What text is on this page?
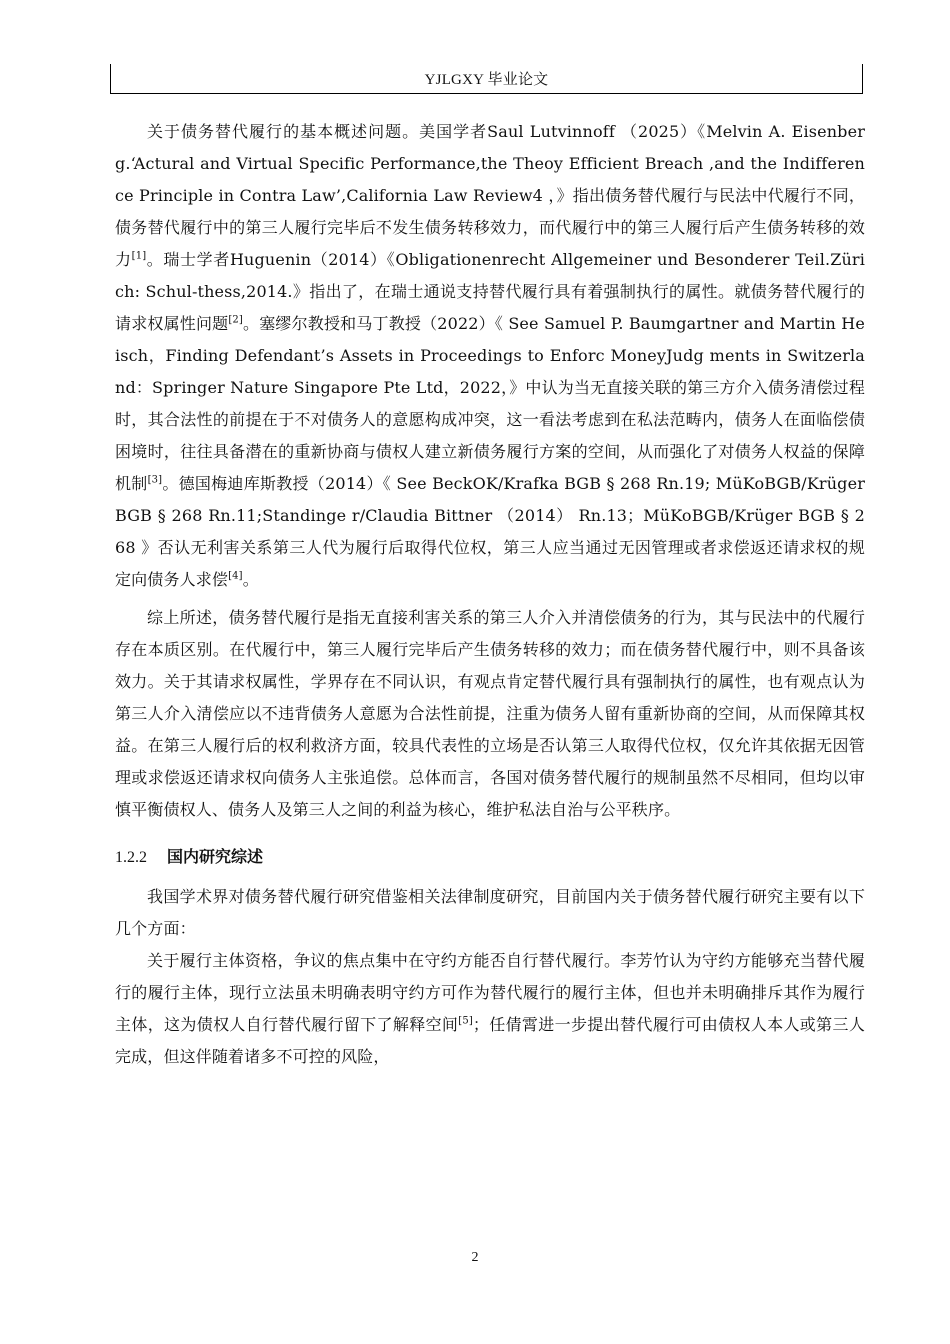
YJLGXY 毕业论文

关于债务替代履行的基本概述问题。美国学者Saul Lutvinnoff （2025）《Melvin A. Eisenberg.‘Actural and Virtual Specific Performance,the Theoy Efficient Breach ,and the Indifference Principle in Contra Law’,California Law Review4 ，》指出债务替代履行与民法中代履行不同，债务替代履行中的第三人履行完毕后不发生债务转移效力，而代履行中的第三人履行后产生债务转移的效力[1]。瑞士学者Huguenin（2014）《Obligationenrecht Allgemeiner und Besonderer Teil.Zürich: Schul-thess,2014.》指出了，在瑞士通说支持替代履行具有着强制执行的属性。就债务替代履行的请求权属性问题[2]。塞缪尔教授和马丁教授（2022）《 See Samuel P. Baumgartner and Martin Heisch，Finding Defendant’s Assets in Proceedings to Enforc MoneyJudg ments in Switzerland：Springer Nature Singapore Pte Ltd，2022，》中认为当无直接关联的第三方介入债务清偿过程时，其合法性的前提在于不对债务人的意愿构成冲突，这一看法考虑到在私法范畴内，债务人在面临偿债困境时，往往具备潜在的重新协商与债权人建立新债务履行方案的空间，从而强化了对债务人权益的保障机制[3]。德国梅迪库斯教授（2014）《 See BeckOK/Krafka BGB § 268 Rn.19; MüKoBGB/Krüger BGB § 268 Rn.11;Standinge r/Claudia Bittner （2014） Rn.13；MüKoBGB/Krüger BGB § 268 》否认无利害关系第三人代为履行后取得代位权，第三人应当通过无因管理或者求偿返还请求权的规定向债务人求偿[4]。

综上所述，债务替代履行是指无直接利害关系的第三人介入并清偿债务的行为，其与民法中的代履行存在本质区别。在代履行中，第三人履行完毕后产生债务转移的效力；而在债务替代履行中，则不具备该效力。关于其请求权属性，学界存在不同认识，有观点肯定替代履行具有强制执行的属性，也有观点认为第三人介入清偿应以不违背债务人意愿为合法性前提，注重为债务人留有重新协商的空间，从而保障其权益。在第三人履行后的权利救济方面，较具代表性的立场是否认第三人取得代位权，仅允许其依据无因管理或求偿返还请求权向债务人主张追偿。总体而言，各国对债务替代履行的规制虽然不尽相同，但均以审慎平衡债权人、债务人及第三人之间的利益为核心，维护私法自治与公平秩序。

1.2.2 国内研究综述

我国学术界对债务替代履行研究借鉴相关法律制度研究，目前国内关于债务替代履行研究主要有以下几个方面：

关于履行主体资格，争议的焦点集中在守约方能否自行替代履行。李芳竹认为守约方能够充当替代履行的履行主体，现行立法虽未明确表明守约方可作为替代履行的履行主体，但也并未明确排斥其作为履行主体，这为债权人自行替代履行留下了解释空间[5]；任倩霄进一步提出替代履行可由债权人本人或第三人完成，但这伴随着诸多不可控的风险，

2
